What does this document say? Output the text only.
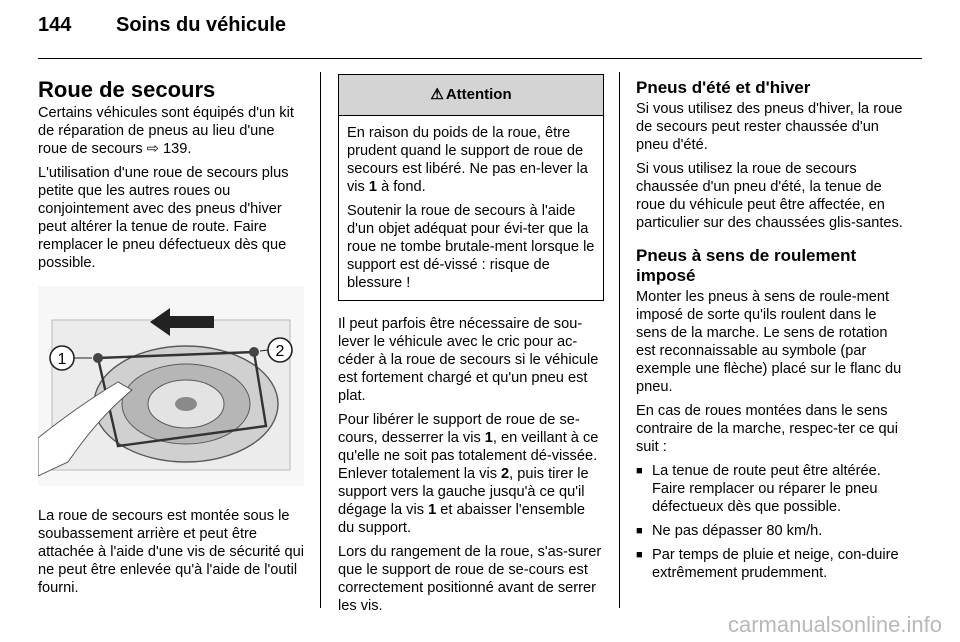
144 Soins du véhicule
Roue de secours

Certains véhicules sont équipés d'un kit de réparation de pneus au lieu d'une roue de secours ⇨ 139.

L'utilisation d'une roue de secours plus petite que les autres roues ou conjointement avec des pneus d'hiver peut altérer la tenue de route. Faire remplacer le pneu défectueux dès que possible.

1	2

La roue de secours est montée sous le soubassement arrière et peut être attachée à l'aide d'une vis de sécurité qui ne peut être enlevée qu'à l'aide de l'outil fourni.

⚠ Attention

En raison du poids de la roue, être prudent quand le support de roue de secours est libéré. Ne pas en-lever la vis 1 à fond.

Soutenir la roue de secours à l'aide d'un objet adéquat pour évi-ter que la roue ne tombe brutale-ment lorsque le support est dé-vissé : risque de blessure !

Il peut parfois être nécessaire de sou-lever le véhicule avec le cric pour ac-céder à la roue de secours si le véhicule est fortement chargé et qu'un pneu est plat.

Pour libérer le support de roue de se-cours, desserrer la vis 1, en veillant à ce qu'elle ne soit pas totalement dé-vissée. Enlever totalement la vis 2, puis tirer le support vers la gauche jusqu'à ce qu'il dégage la vis 1 et abaisser l'ensemble du support.

Lors du rangement de la roue, s'as-surer que le support de roue de se-cours est correctement positionné avant de serrer les vis.

Pneus d'été et d'hiver

Si vous utilisez des pneus d'hiver, la roue de secours peut rester chaussée d'un pneu d'été.

Si vous utilisez la roue de secours chaussée d'un pneu d'été, la tenue de roue du véhicule peut être affectée, en particulier sur des chaussées glis-santes.

Pneus à sens de roulement imposé

Monter les pneus à sens de roule-ment imposé de sorte qu'ils roulent dans le sens de la marche. Le sens de rotation est reconnaissable au symbole (par exemple une flèche) placé sur le flanc du pneu.

En cas de roues montées dans le sens contraire de la marche, respec-ter ce qui suit :

■ La tenue de route peut être altérée. Faire remplacer ou réparer le pneu défectueux dès que possible.
■ Ne pas dépasser 80 km/h.
■ Par temps de pluie et neige, con-duire extrêmement prudemment.
carmanualsonline.info
